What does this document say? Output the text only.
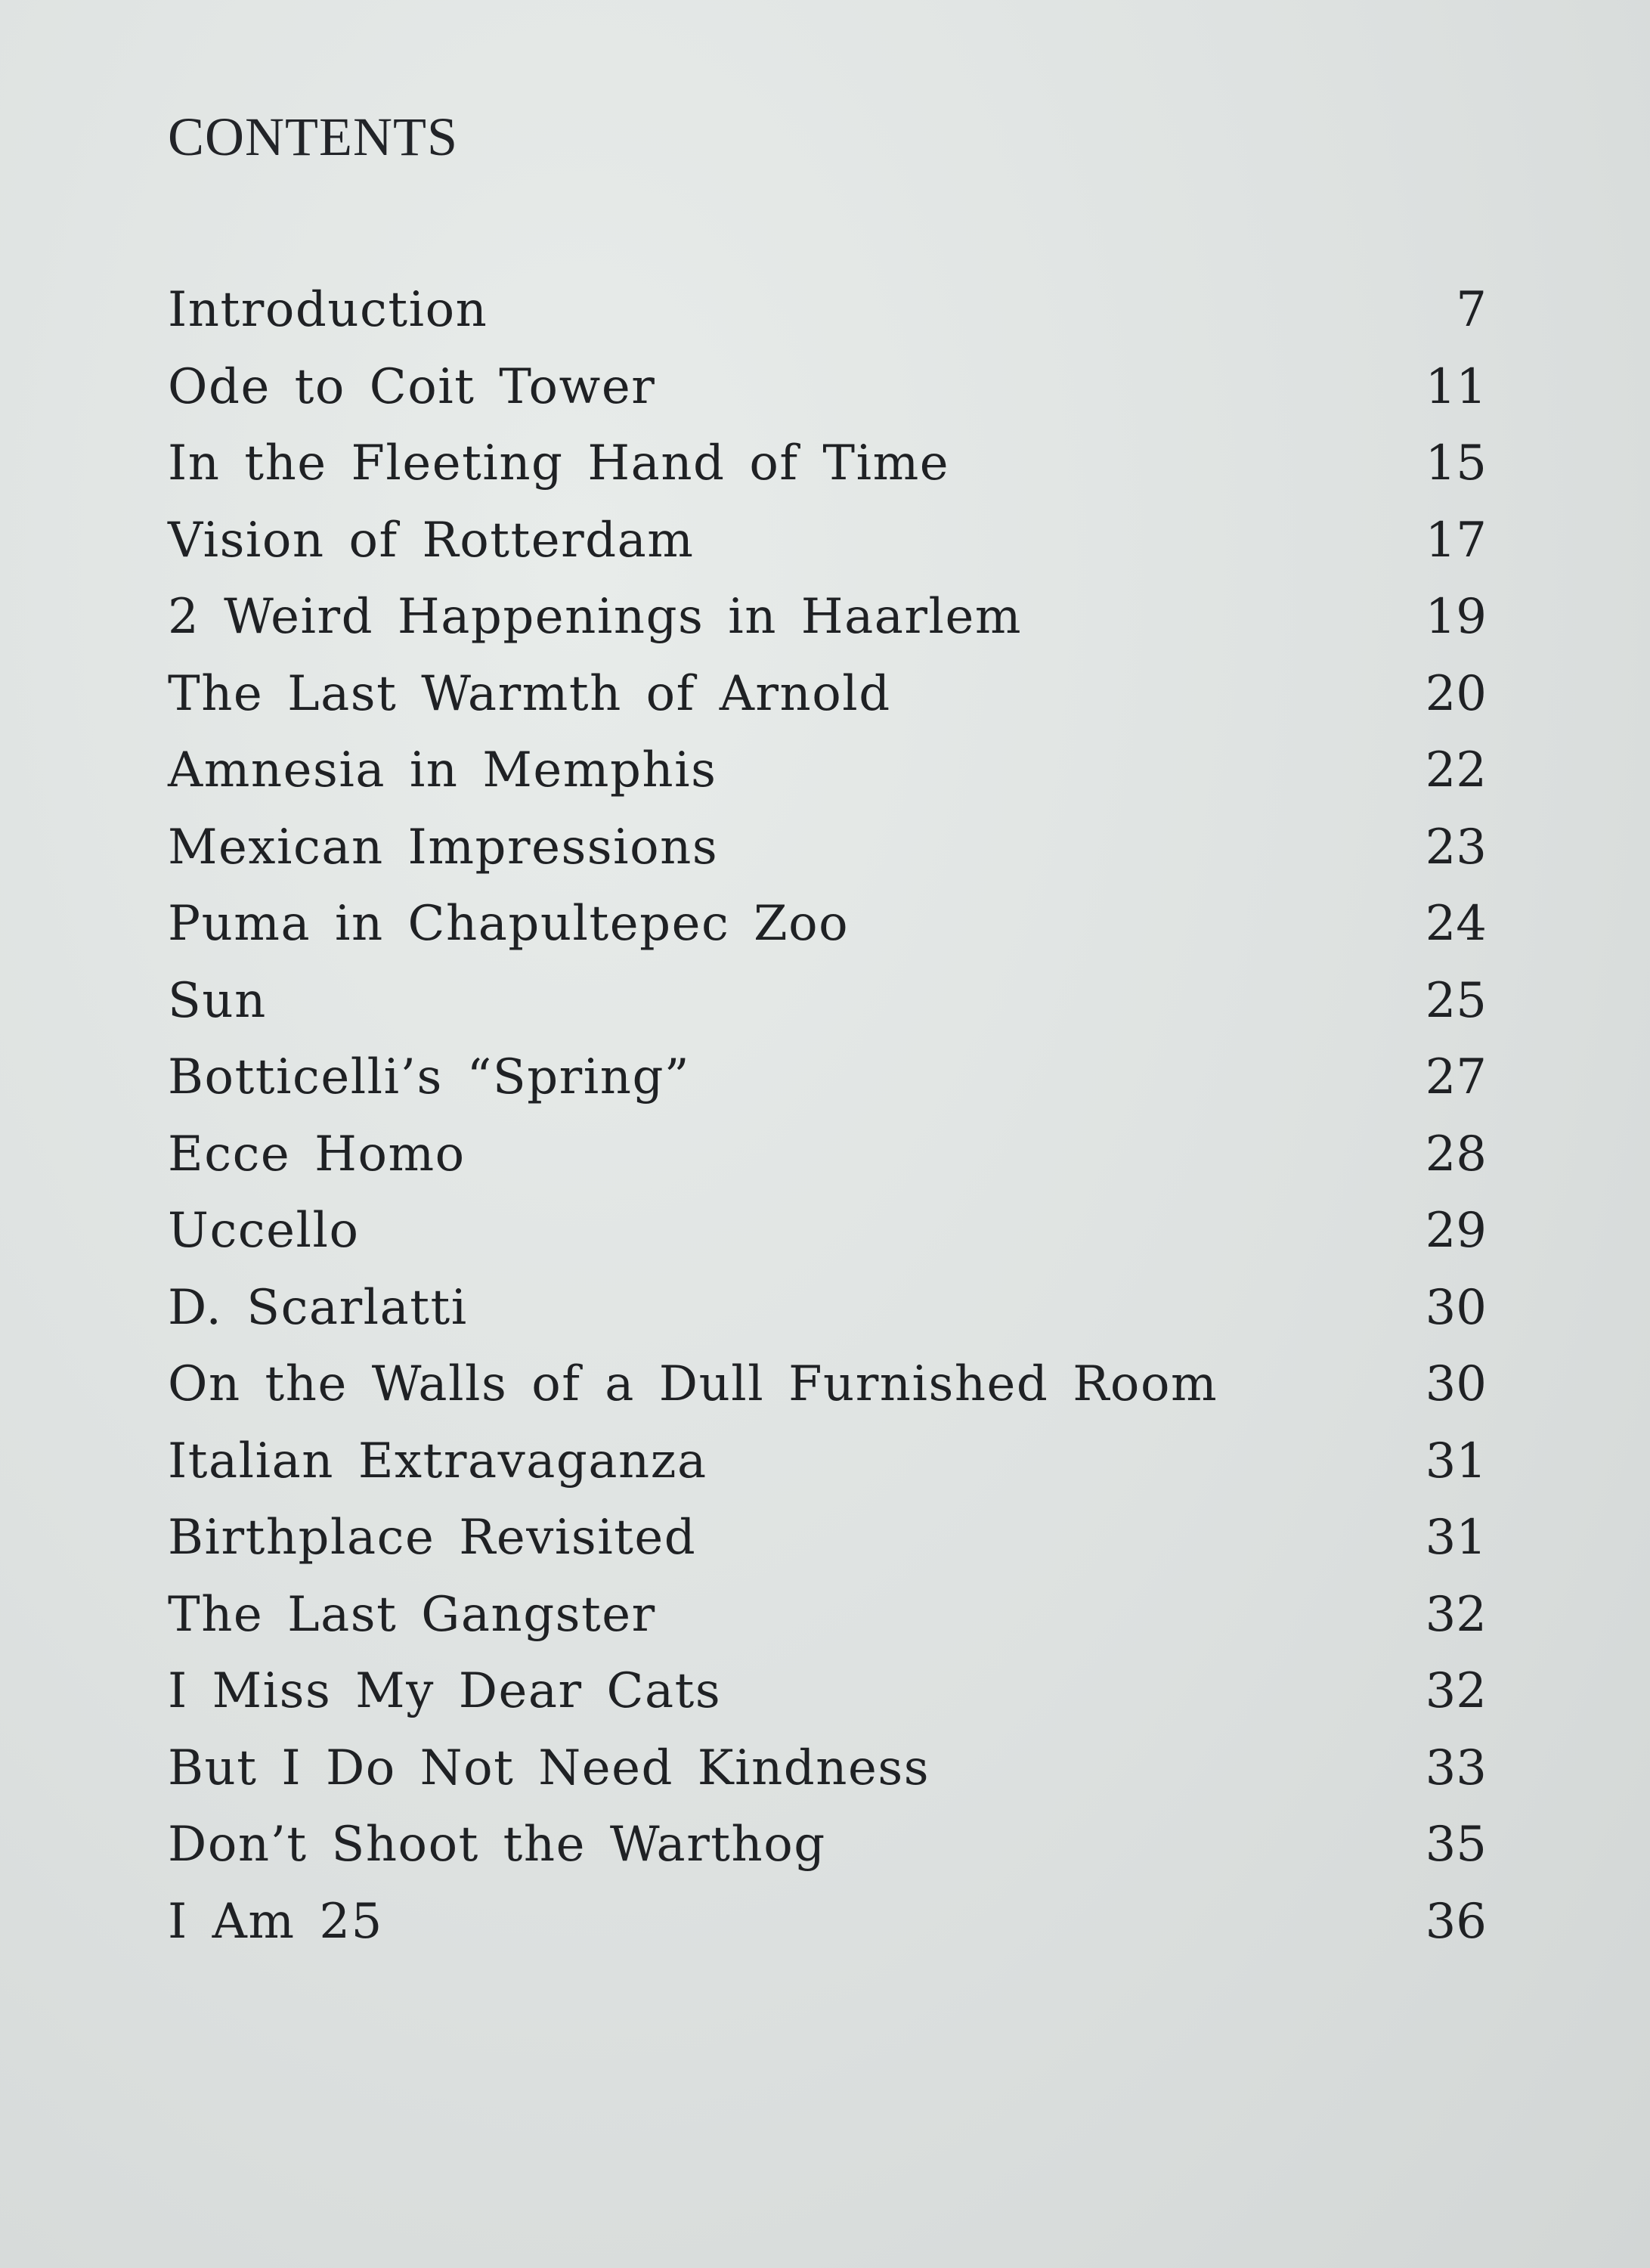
CONTENTS
Introduction	7
Ode to Coit Tower	11
In the Fleeting Hand of Time	15
Vision of Rotterdam	17
2 Weird Happenings in Haarlem	19
The Last Warmth of Arnold	20
Amnesia in Memphis	22
Mexican Impressions	23
Puma in Chapultepec Zoo	24
Sun	25
Botticelli’s “Spring”	27
Ecce Homo	28
Uccello	29
D. Scarlatti	30
On the Walls of a Dull Furnished Room	30
Italian Extravaganza	31
Birthplace Revisited	31
The Last Gangster	32
I Miss My Dear Cats	32
But I Do Not Need Kindness	33
Don’t Shoot the Warthog	35
I Am 25	36
